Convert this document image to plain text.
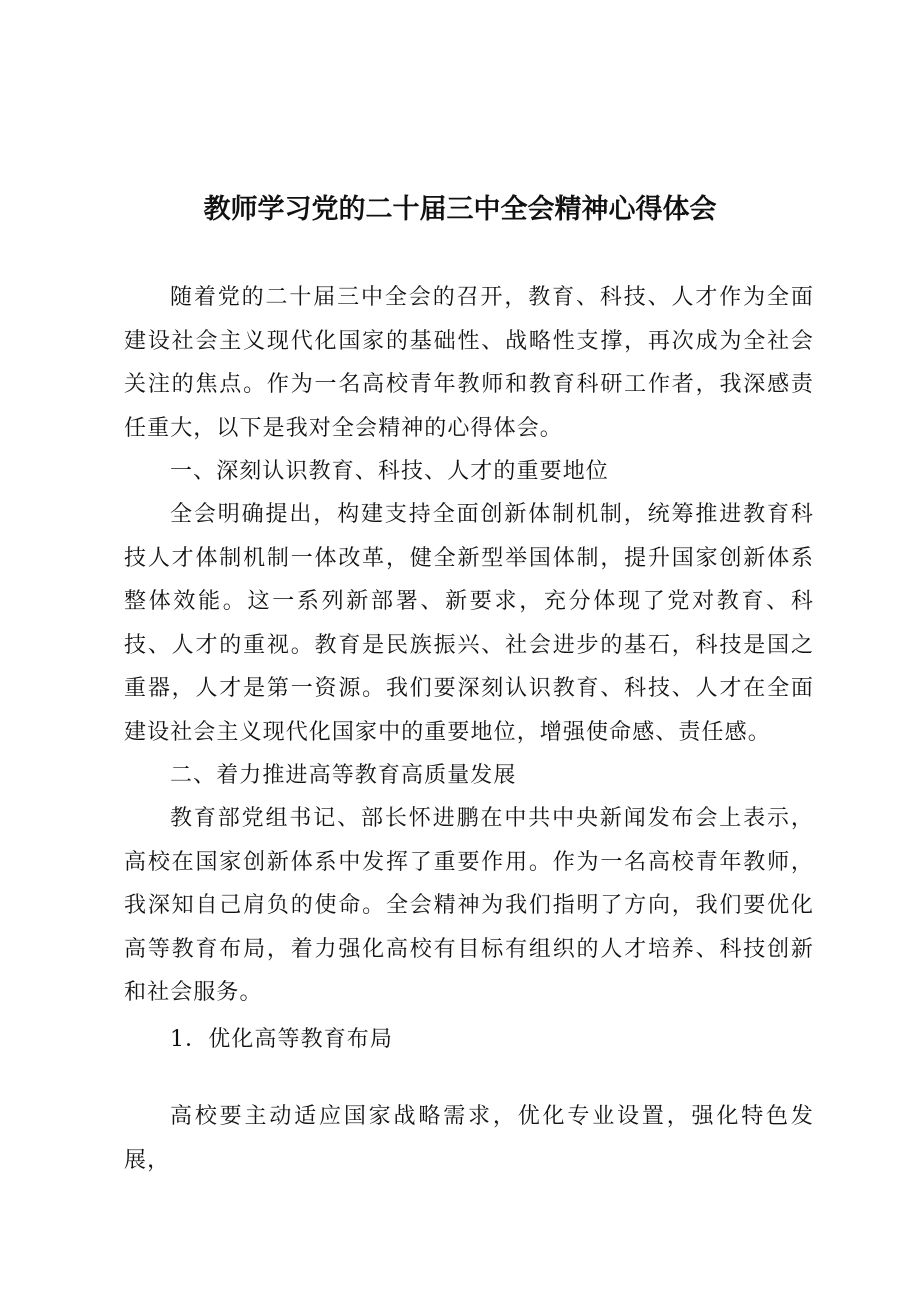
教师学习党的二十届三中全会精神心得体会

随着党的二十届三中全会的召开，教育、科技、人才作为全面建设社会主义现代化国家的基础性、战略性支撑，再次成为全社会关注的焦点。作为一名高校青年教师和教育科研工作者，我深感责任重大，以下是我对全会精神的心得体会。

一、深刻认识教育、科技、人才的重要地位

全会明确提出，构建支持全面创新体制机制，统筹推进教育科技人才体制机制一体改革，健全新型举国体制，提升国家创新体系整体效能。这一系列新部署、新要求，充分体现了党对教育、科技、人才的重视。教育是民族振兴、社会进步的基石，科技是国之重器，人才是第一资源。我们要深刻认识教育、科技、人才在全面建设社会主义现代化国家中的重要地位，增强使命感、责任感。

二、着力推进高等教育高质量发展

教育部党组书记、部长怀进鹏在中共中央新闻发布会上表示，高校在国家创新体系中发挥了重要作用。作为一名高校青年教师，我深知自己肩负的使命。全会精神为我们指明了方向，我们要优化高等教育布局，着力强化高校有目标有组织的人才培养、科技创新和社会服务。

1．优化高等教育布局

高校要主动适应国家战略需求，优化专业设置，强化特色发展，
